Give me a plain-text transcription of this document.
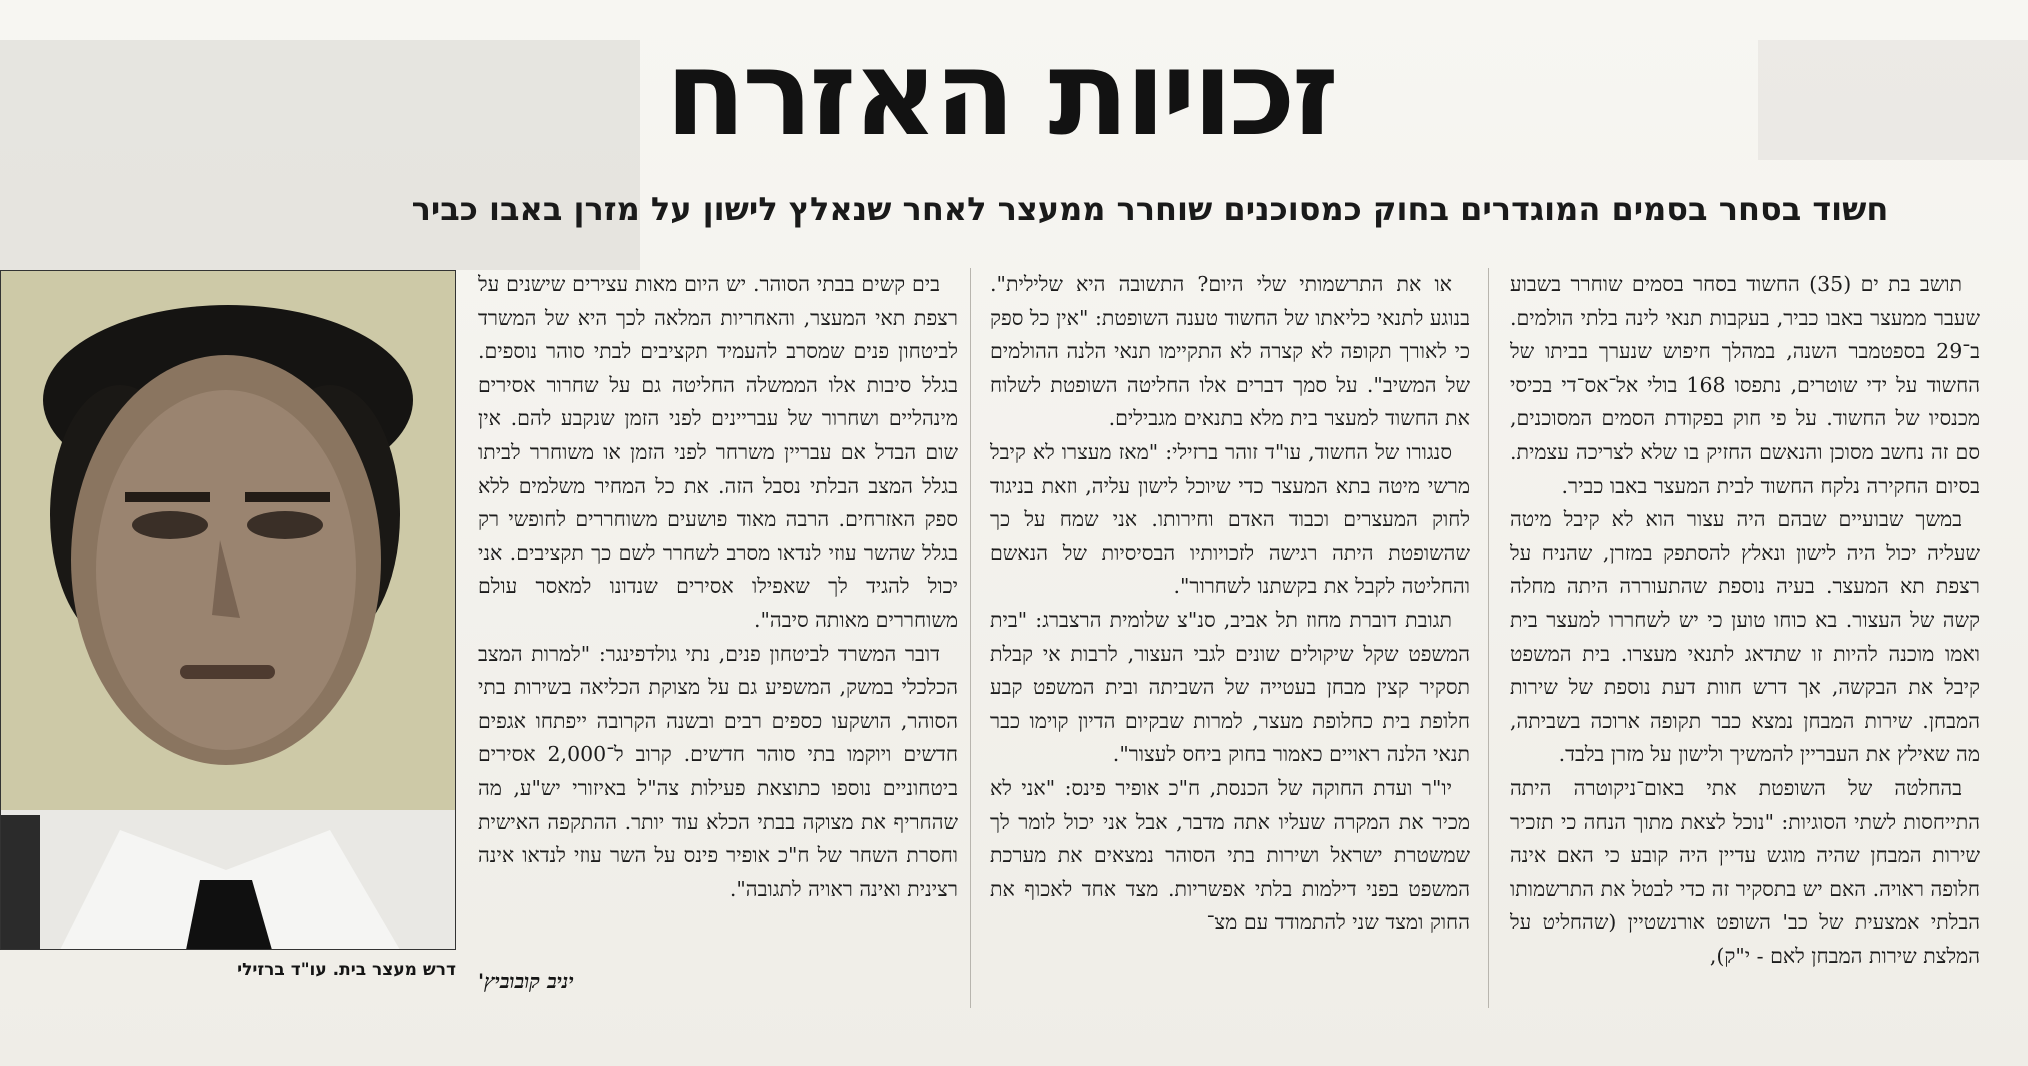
זכויות האזרח
חשוד בסחר בסמים המוגדרים בחוק כמסוכנים שוחרר ממעצר לאחר שנאלץ לישון על מזרן באבו כביר

תושב בת ים (35) החשוד בסחר בסמים שוחרר בשבוע שעבר ממעצר באבו כביר, בעקבות תנאי לינה בלתי הולמים. ב־29 בספטמבר השנה, במהלך חיפוש שנערך בביתו של החשוד על ידי שוטרים, נתפסו 168 בולי אל־אס־די בכיסי מכנסיו של החשוד. על פי חוק בפקודת הסמים המסוכנים, סם זה נחשב מסוכן והנאשם החזיק בו שלא לצריכה עצמית. בסיום החקירה נלקח החשוד לבית המעצר באבו כביר.

במשך שבועיים שבהם היה עצור הוא לא קיבל מיטה שעליה יכול היה לישון ונאלץ להסתפק במזרן, שהניח על רצפת תא המעצר. בעיה נוספת שהתעוררה היתה מחלה קשה של העצור. בא כוחו טוען כי יש לשחררו למעצר בית ואמו מוכנה להיות זו שתדאג לתנאי מעצרו. בית המשפט קיבל את הבקשה, אך דרש חוות דעת נוספת של שירות המבחן. שירות המבחן נמצא כבר תקופה ארוכה בשביתה, מה שאילץ את העבריין להמשיך ולישון על מזרן בלבד.

בהחלטה של השופטת אתי באום־ניקוטרה היתה התייחסות לשתי הסוגיות: "נוכל לצאת מתוך הנחה כי תזכיר שירות המבחן שהיה מוגש עדיין היה קובע כי האם אינה חלופה ראויה. האם יש בתסקיר זה כדי לבטל את התרשמותו הבלתי אמצעית של כב' השופט אורנשטיין (שהחליט על המלצת שירות המבחן לאם - י"ק),

או את התרשמותי שלי היום? התשובה היא שלילית". בנוגע לתנאי כליאתו של החשוד טענה השופטת: "אין כל ספק כי לאורך תקופה לא קצרה לא התקיימו תנאי הלנה ההולמים של המשיב". על סמך דברים אלו החליטה השופטת לשלוח את החשוד למעצר בית מלא בתנאים מגבילים.

סנגורו של החשוד, עו"ד זוהר ברזילי: "מאז מעצרו לא קיבל מרשי מיטה בתא המעצר כדי שיוכל לישון עליה, וזאת בניגוד לחוק המעצרים וכבוד האדם וחירותו. אני שמח על כך שהשופטת היתה רגישה לזכויותיו הבסיסיות של הנאשם והחליטה לקבל את בקשתנו לשחרור".

תגובת דוברת מחוז תל אביב, סנ"צ שלומית הרצברג: "בית המשפט שקל שיקולים שונים לגבי העצור, לרבות אי קבלת תסקיר קצין מבחן בעטייה של השביתה ובית המשפט קבע חלופת בית כחלופת מעצר, למרות שבקיום הדיון קוימו כבר תנאי הלנה ראויים כאמור בחוק ביחס לעצור".

יו"ר ועדת החוקה של הכנסת, ח"כ אופיר פינס: "אני לא מכיר את המקרה שעליו אתה מדבר, אבל אני יכול לומר לך שמשטרת ישראל ושירות בתי הסוהר נמצאים את מערכת המשפט בפני דילמות בלתי אפשריות. מצד אחד לאכוף את החוק ומצד שני להתמודד עם מצ־

בים קשים בבתי הסוהר. יש היום מאות עצירים שישנים על רצפת תאי המעצר, והאחריות המלאה לכך היא של המשרד לביטחון פנים שמסרב להעמיד תקציבים לבתי סוהר נוספים. בגלל סיבות אלו הממשלה החליטה גם על שחרור אסירים מינהליים ושחרור של עבריינים לפני הזמן שנקבע להם. אין שום הבדל אם עבריין משרחר לפני הזמן או משוחרר לביתו בגלל המצב הבלתי נסבל הזה. את כל המחיר משלמים ללא ספק האזרחים. הרבה מאוד פושעים משוחררים לחופשי רק בגלל שהשר עוזי לנדאו מסרב לשחרר לשם כך תקציבים. אני יכול להגיד לך שאפילו אסירים שנדונו למאסר עולם משוחררים מאותה סיבה".

דובר המשרד לביטחון פנים, נתי גולדפינגר: "למרות המצב הכלכלי במשק, המשפיע גם על מצוקת הכליאה בשירות בתי הסוהר, הושקעו כספים רבים ובשנה הקרובה ייפתחו אגפים חדשים ויוקמו בתי סוהר חדשים. קרוב ל־2,000 אסירים ביטחוניים נוספו כתוצאת פעילות צה"ל באיזורי יש"ע, מה שהחריף את מצוקה בבתי הכלא עוד יותר. ההתקפה האישית וחסרת השחר של ח"כ אופיר פינס על השר עוזי לנדאו אינה רצינית ואינה ראויה לתגובה".

יניב קובוביץ'
דרש מעצר בית. עו"ד ברזילי
